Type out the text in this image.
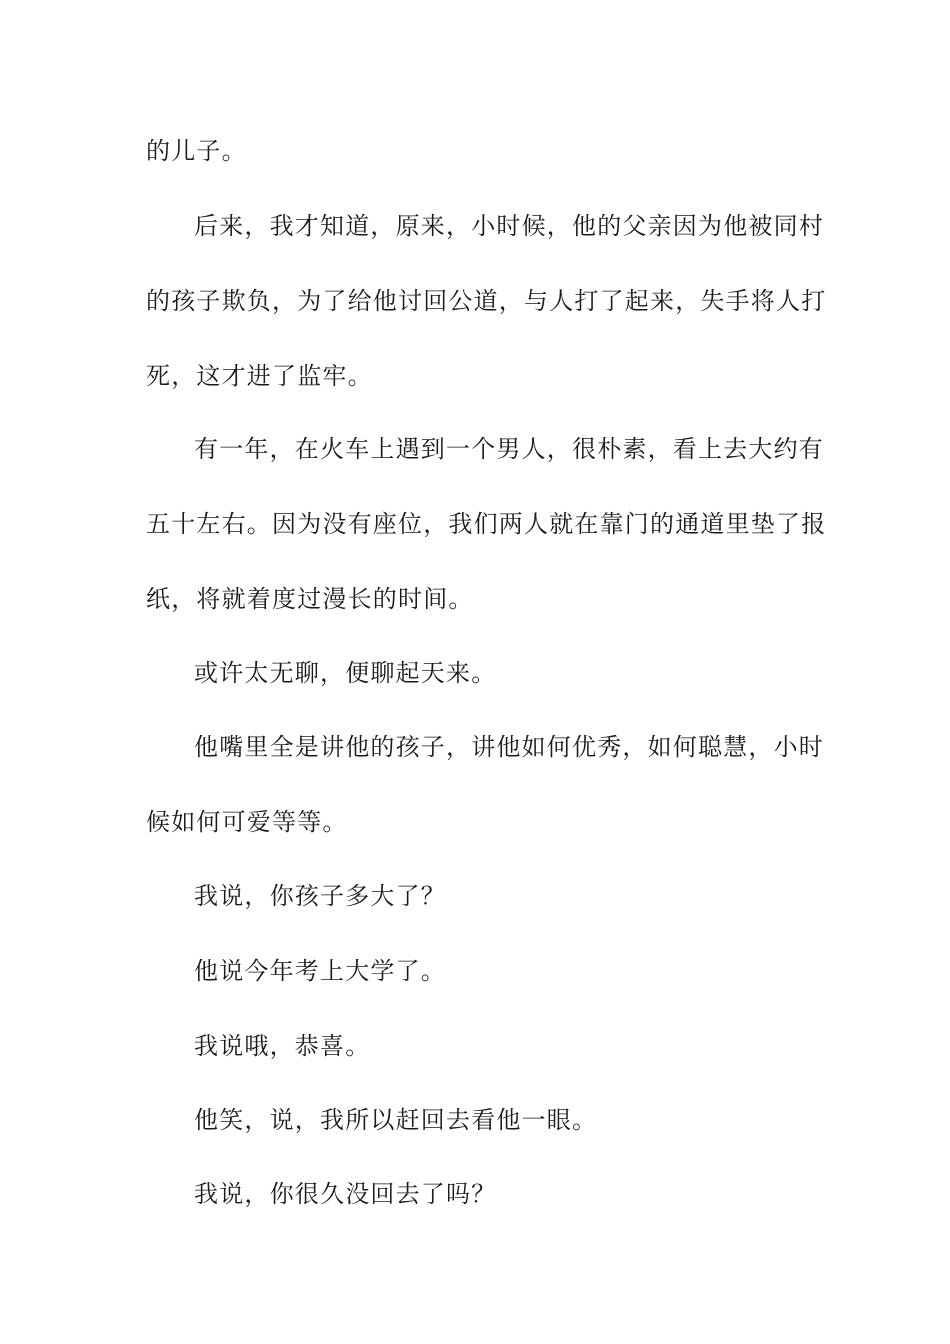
的儿子。
后来，我才知道，原来，小时候，他的父亲因为他被同村
的孩子欺负，为了给他讨回公道，与人打了起来，失手将人打
死，这才进了监牢。
有一年，在火车上遇到一个男人，很朴素，看上去大约有
五十左右。因为没有座位，我们两人就在靠门的通道里垫了报
纸，将就着度过漫长的时间。
或许太无聊，便聊起天来。
他嘴里全是讲他的孩子，讲他如何优秀，如何聪慧，小时
候如何可爱等等。
我说，你孩子多大了？
他说今年考上大学了。
我说哦，恭喜。
他笑，说，我所以赶回去看他一眼。
我说，你很久没回去了吗？
